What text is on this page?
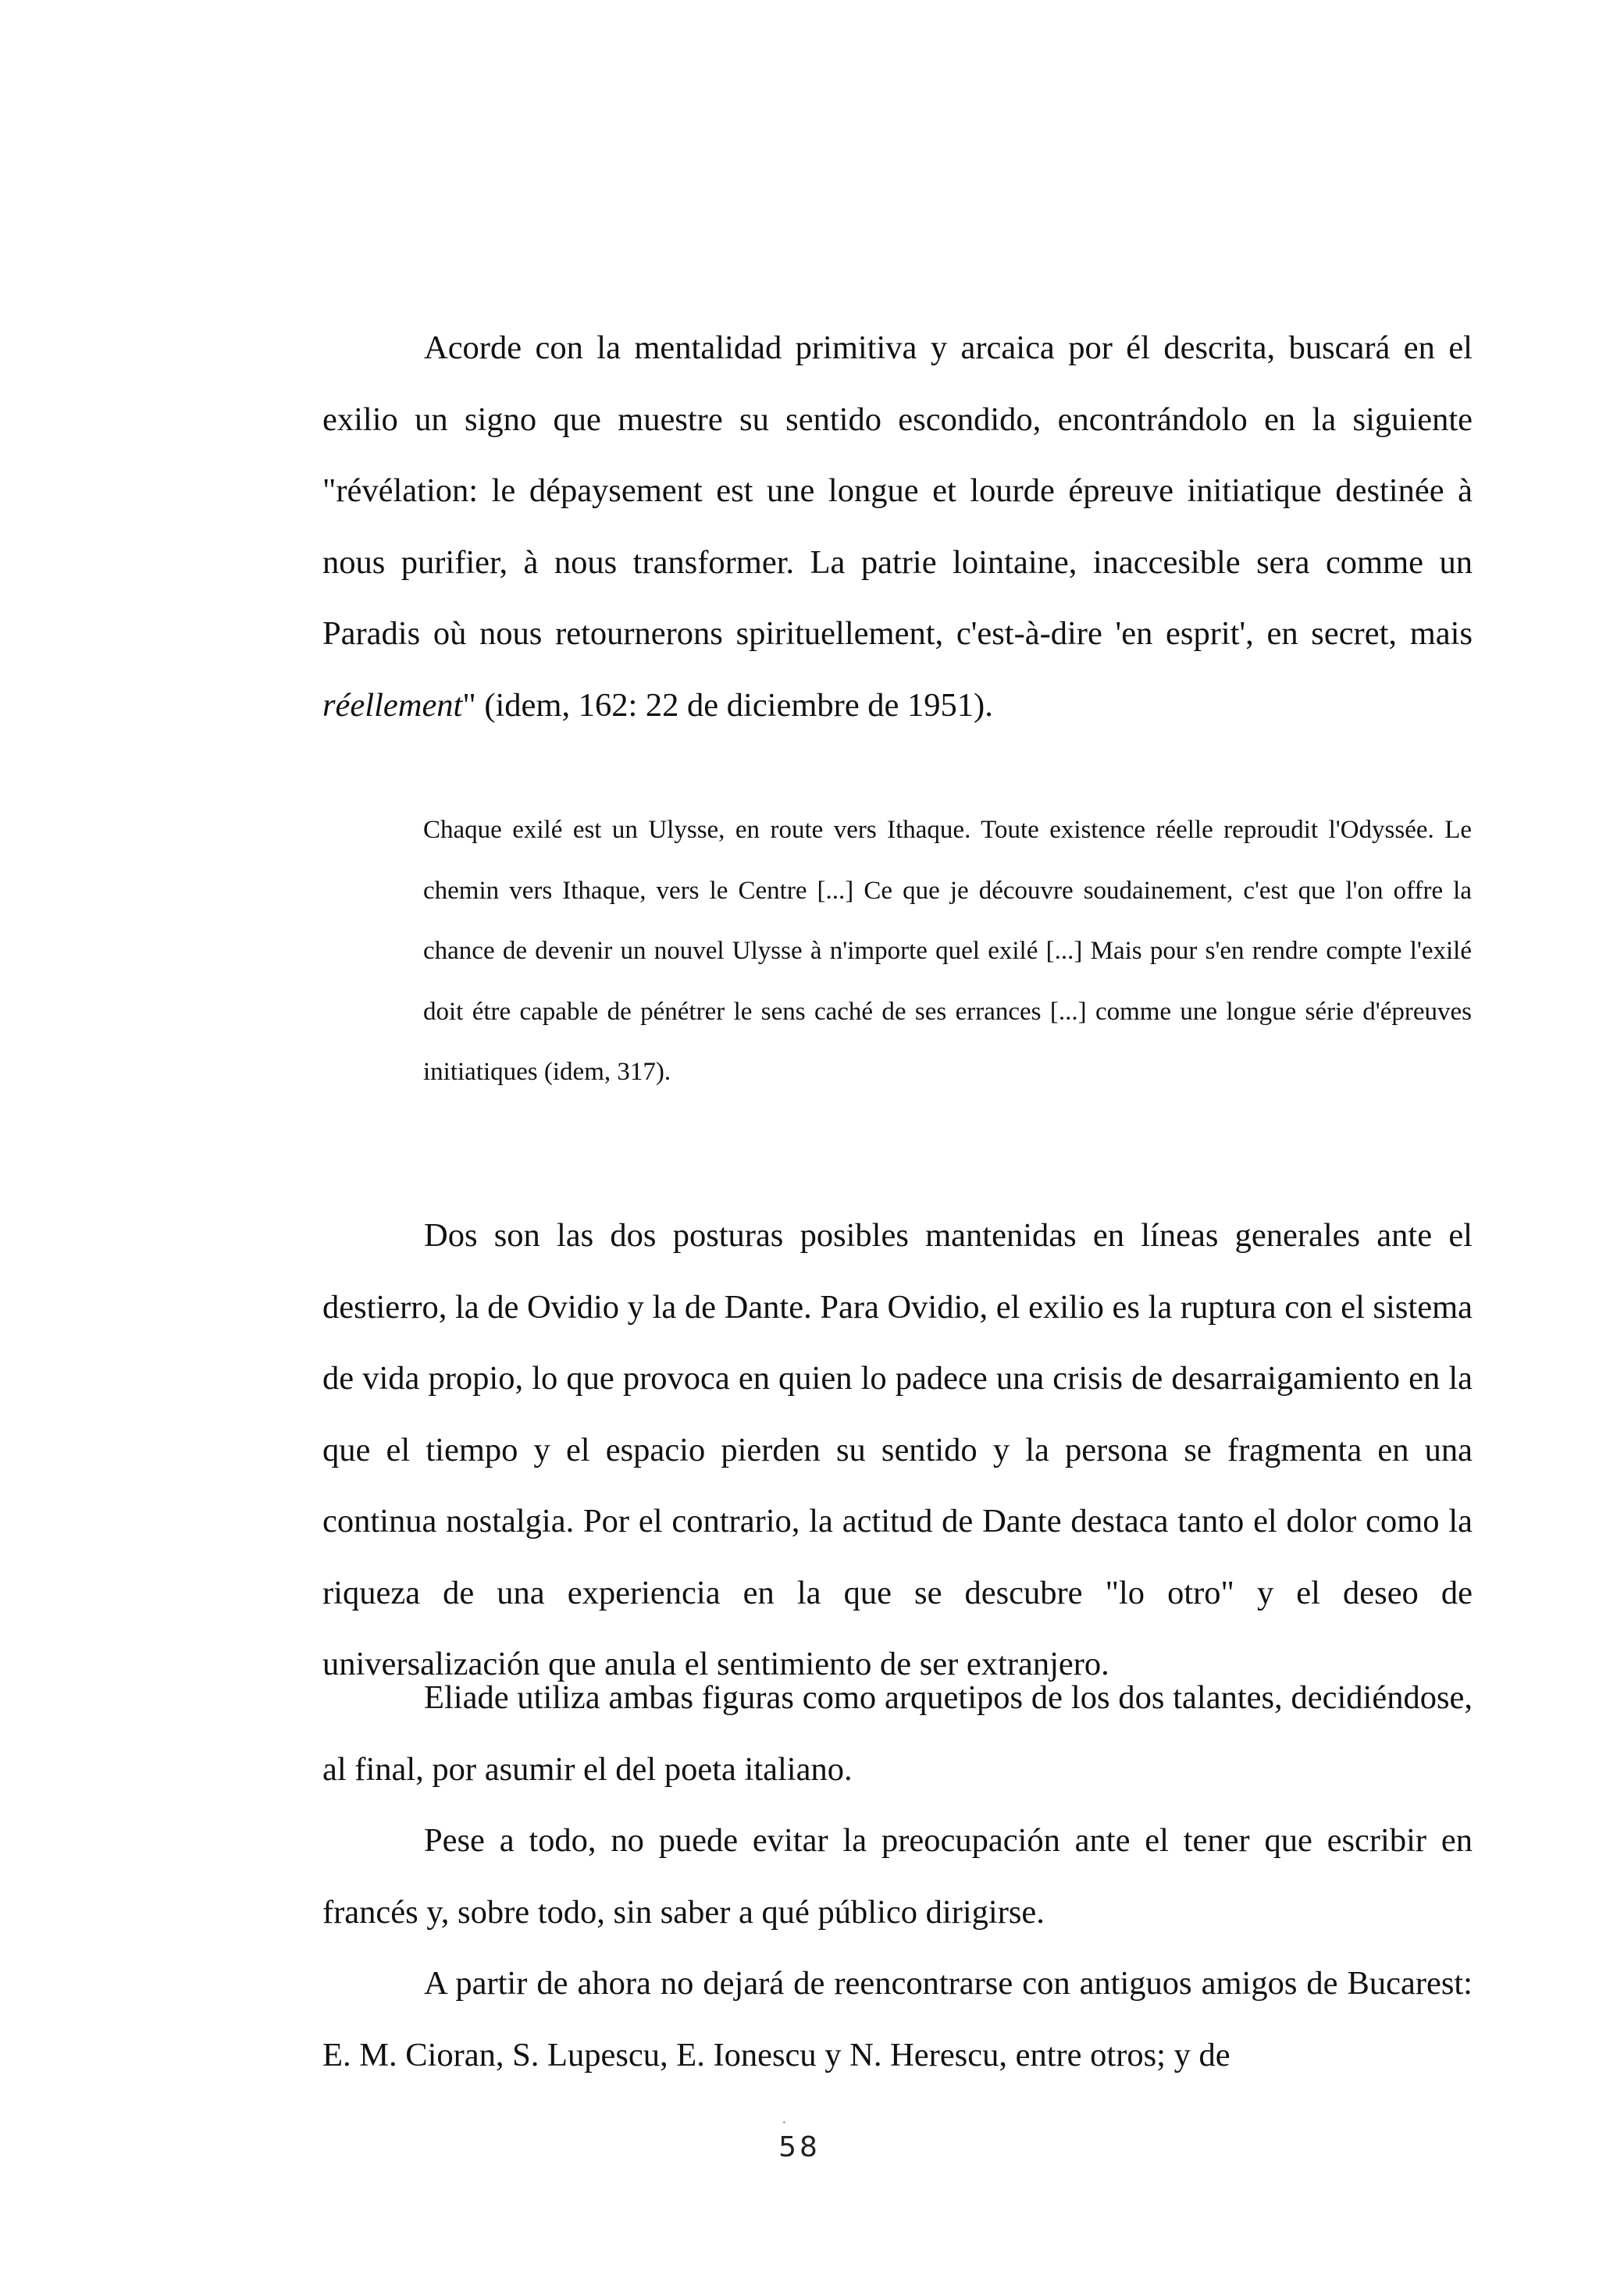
Acorde con la mentalidad primitiva y arcaica por él descrita, buscará en el exilio un signo que muestre su sentido escondido, encontrándolo en la siguiente "révélation: le dépaysement est une longue et lourde épreuve initiatique destinée à nous purifier, à nous transformer. La patrie lointaine, inaccesible sera comme un Paradis où nous retournerons spirituellement, c'est-à-dire 'en esprit', en secret, mais réellement" (idem, 162: 22 de diciembre de 1951).

Chaque exilé est un Ulysse, en route vers Ithaque. Toute existence réelle reproudit l'Odyssée. Le chemin vers Ithaque, vers le Centre [...] Ce que je découvre soudainement, c'est que l'on offre la chance de devenir un nouvel Ulysse à n'importe quel exilé [...] Mais pour s'en rendre compte l'exilé doit étre capable de pénétrer le sens caché de ses errances [...] comme une longue série d'épreuves initiatiques (idem, 317).

Dos son las dos posturas posibles mantenidas en líneas generales ante el destierro, la de Ovidio y la de Dante. Para Ovidio, el exilio es la ruptura con el sistema de vida propio, lo que provoca en quien lo padece una crisis de desarraigamiento en la que el tiempo y el espacio pierden su sentido y la persona se fragmenta en una continua nostalgia. Por el contrario, la actitud de Dante destaca tanto el dolor como la riqueza de una experiencia en la que se descubre "lo otro" y el deseo de universalización que anula el sentimiento de ser extranjero.

Eliade utiliza ambas figuras como arquetipos de los dos talantes, decidiéndose, al final, por asumir el del poeta italiano.

Pese a todo, no puede evitar la preocupación ante el tener que escribir en francés y, sobre todo, sin saber a qué público dirigirse.

A partir de ahora no dejará de reencontrarse con antiguos amigos de Bucarest: E. M. Cioran, S. Lupescu, E. Ionescu y N. Herescu, entre otros; y de

58
